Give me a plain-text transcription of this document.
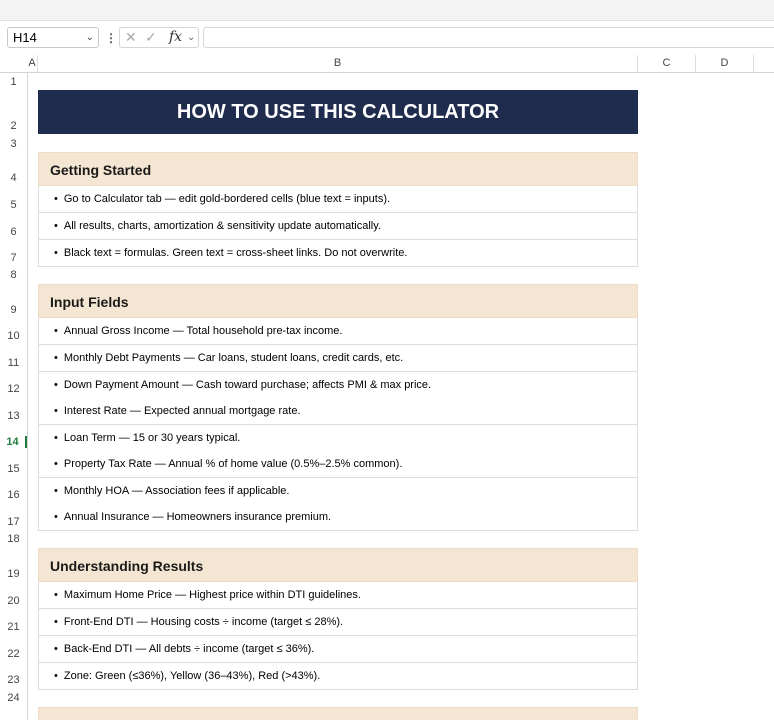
H14	⌄ ⋮ ✕ ✓ fx ⌄
A	B	C	D
1
2
3
4
5
6
7
8
9
10
11
12
13
14
15
16
17
18
19
20
21
22
23
24
HOW TO USE THIS CALCULATOR
Getting Started
• Go to Calculator tab — edit gold-bordered cells (blue text = inputs).
• All results, charts, amortization & sensitivity update automatically.
• Black text = formulas. Green text = cross-sheet links. Do not overwrite.
Input Fields
• Annual Gross Income — Total household pre-tax income.
• Monthly Debt Payments — Car loans, student loans, credit cards, etc.
• Down Payment Amount — Cash toward purchase; affects PMI & max price.
• Interest Rate — Expected annual mortgage rate.
• Loan Term — 15 or 30 years typical.
• Property Tax Rate — Annual % of home value (0.5%–2.5% common).
• Monthly HOA — Association fees if applicable.
• Annual Insurance — Homeowners insurance premium.
Understanding Results
• Maximum Home Price — Highest price within DTI guidelines.
• Front-End DTI — Housing costs ÷ income (target ≤ 28%).
• Back-End DTI — All debts ÷ income (target ≤ 36%).
• Zone: Green (≤36%), Yellow (36–43%), Red (>43%).
